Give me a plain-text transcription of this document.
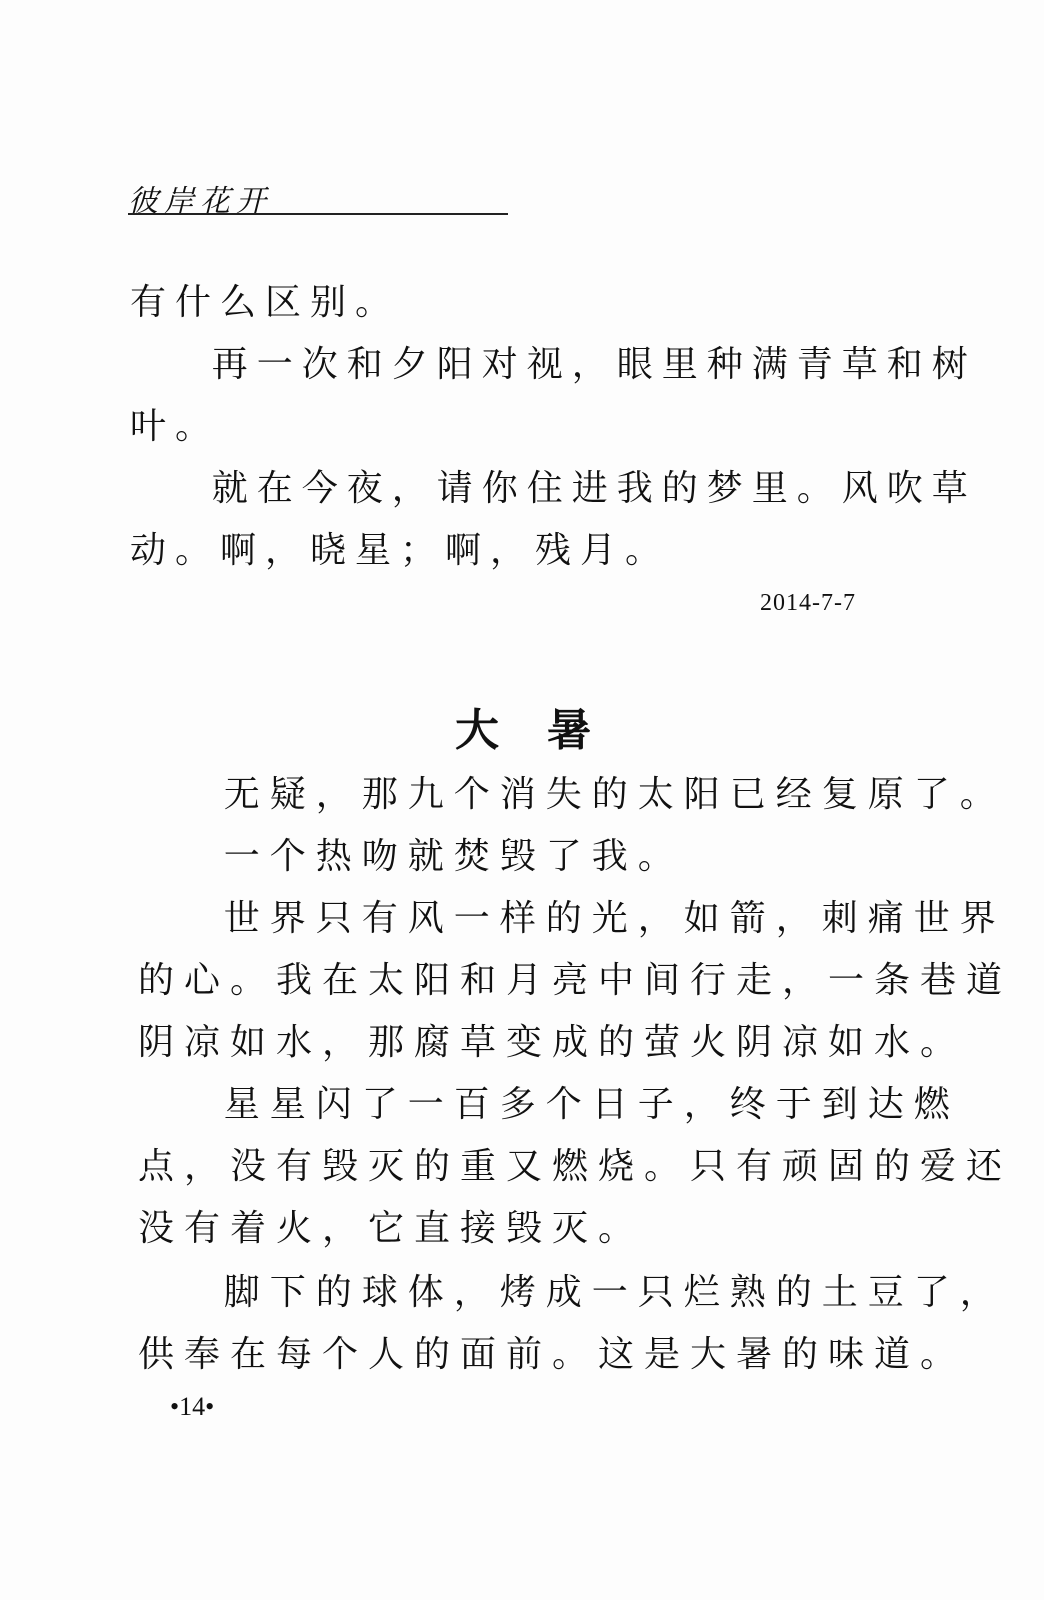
彼岸花开
有什么区别。
再一次和夕阳对视，眼里种满青草和树
叶。
就在今夜，请你住进我的梦里。风吹草
动。啊，晓星；啊，残月。
2014-7-7
大暑
无疑，那九个消失的太阳已经复原了。
一个热吻就焚毁了我。
世界只有风一样的光，如箭，刺痛世界
的心。我在太阳和月亮中间行走，一条巷道
阴凉如水，那腐草变成的萤火阴凉如水。
星星闪了一百多个日子，终于到达燃
点，没有毁灭的重又燃烧。只有顽固的爱还
没有着火，它直接毁灭。
脚下的球体，烤成一只烂熟的土豆了，
供奉在每个人的面前。这是大暑的味道。
•14•
